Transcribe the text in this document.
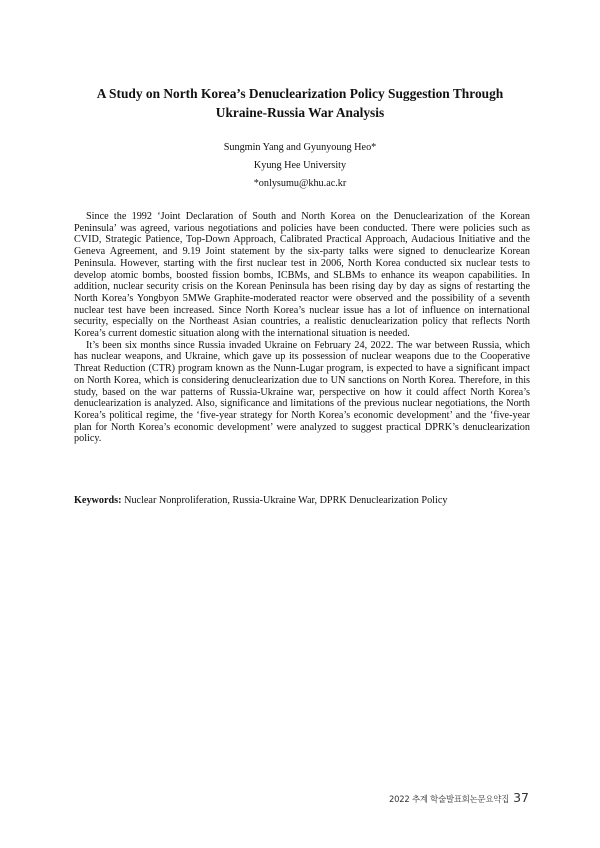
A Study on North Korea’s Denuclearization Policy Suggestion Through
Ukraine-Russia War Analysis
Sungmin Yang and Gyunyoung Heo*
Kyung Hee University
*onlysumu@khu.ac.kr

Since the 1992 ‘Joint Declaration of South and North Korea on the Denuclearization of the Korean Peninsula’ was agreed, various negotiations and policies have been conducted. There were policies such as CVID, Strategic Patience, Top-Down Approach, Calibrated Practical Approach, Audacious Initiative and the Geneva Agreement, and 9.19 Joint statement by the six-party talks were signed to denuclearize Korean Peninsula. However, starting with the first nuclear test in 2006, North Korea conducted six nuclear tests to develop atomic bombs, boosted fission bombs, ICBMs, and SLBMs to enhance its weapon capabilities. In addition, nuclear security crisis on the Korean Peninsula has been rising day by day as signs of restarting the North Korea’s Yongbyon 5MWe Graphite-moderated reactor were observed and the possibility of a seventh nuclear test have been increased. Since North Korea’s nuclear issue has a lot of influence on international security, especially on the Northeast Asian countries, a realistic denuclearization policy that reflects North Korea’s current domestic situation along with the international situation is needed.

It’s been six months since Russia invaded Ukraine on February 24, 2022. The war between Russia, which has nuclear weapons, and Ukraine, which gave up its possession of nuclear weapons due to the Cooperative Threat Reduction (CTR) program known as the Nunn-Lugar program, is expected to have a significant impact on North Korea, which is considering denuclearization due to UN sanctions on North Korea. Therefore, in this study, based on the war patterns of Russia-Ukraine war, perspective on how it could affect North Korea’s denuclearization is analyzed. Also, significance and limitations of the previous nuclear negotiations, the North Korea’s political regime, the ‘five-year strategy for North Korea’s economic development’ and the ‘five-year plan for North Korea’s economic development’ were analyzed to suggest practical DPRK’s denuclearization policy.

Keywords: Nuclear Nonproliferation, Russia-Ukraine War, DPRK Denuclearization Policy
2022 추계 학술발표회논문요약집 37
